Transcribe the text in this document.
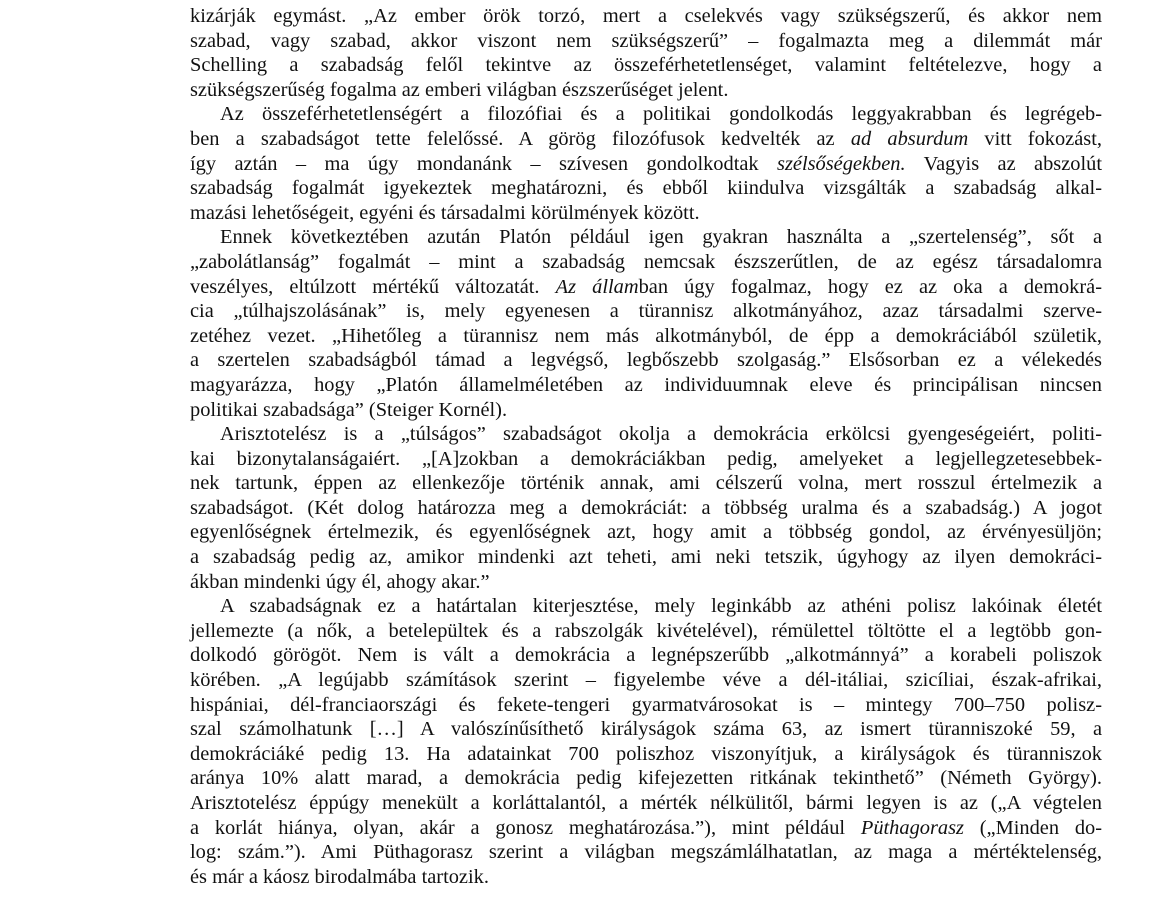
kizárják egymást. „Az ember örök torzó, mert a cselekvés vagy szükségszerű, és akkor nem
szabad, vagy szabad, akkor viszont nem szükségszerű” – fogalmazta meg a dilemmát már
Schelling a szabadság felől tekintve az összeférhetetlenséget, valamint feltételezve, hogy a
szükségszerűség fogalma az emberi világban észszerűséget jelent.
Az összeférhetetlenségért a filozófiai és a politikai gondolkodás leggyakrabban és legrégeb-
ben a szabadságot tette felelőssé. A görög filozófusok kedvelték az ad absurdum vitt fokozást,
így aztán – ma úgy mondanánk – szívesen gondolkodtak szélsőségekben. Vagyis az abszolút
szabadság fogalmát igyekeztek meghatározni, és ebből kiindulva vizsgálták a szabadság alkal-
mazási lehetőségeit, egyéni és társadalmi körülmények között.
Ennek következtében azután Platón például igen gyakran használta a „szertelenség”, sőt a
„zabolátlanság” fogalmát – mint a szabadság nemcsak észszerűtlen, de az egész társadalomra
veszélyes, eltúlzott mértékű változatát. Az államban úgy fogalmaz, hogy ez az oka a demokrá-
cia „túlhajszolásának” is, mely egyenesen a türannisz alkotmányához, azaz társadalmi szerve-
zetéhez vezet. „Hihetőleg a türannisz nem más alkotmányból, de épp a demokráciából születik,
a szertelen szabadságból támad a legvégső, legbőszebb szolgaság.” Elsősorban ez a vélekedés
magyarázza, hogy „Platón államelméletében az individuumnak eleve és principálisan nincsen
politikai szabadsága” (Steiger Kornél).
Arisztotelész is a „túlságos” szabadságot okolja a demokrácia erkölcsi gyengeségeiért, politi-
kai bizonytalanságaiért. „[A]zokban a demokráciákban pedig, amelyeket a legjellegzetesebbek-
nek tartunk, éppen az ellenkezője történik annak, ami célszerű volna, mert rosszul értelmezik a
szabadságot. (Két dolog határozza meg a demokráciát: a többség uralma és a szabadság.) A jogot
egyenlőségnek értelmezik, és egyenlőségnek azt, hogy amit a többség gondol, az érvényesüljön;
a szabadság pedig az, amikor mindenki azt teheti, ami neki tetszik, úgyhogy az ilyen demokráci-
ákban mindenki úgy él, ahogy akar.”
A szabadságnak ez a határtalan kiterjesztése, mely leginkább az athéni polisz lakóinak életét
jellemezte (a nők, a betelepültek és a rabszolgák kivételével), rémülettel töltötte el a legtöbb gon-
dolkodó görögöt. Nem is vált a demokrácia a legnépszerűbb „alkotmánnyá” a korabeli poliszok
körében. „A legújabb számítások szerint – figyelembe véve a dél-itáliai, szicíliai, észak-afrikai,
hispániai, dél-franciaországi és fekete-tengeri gyarmatvárosokat is – mintegy 700–750 polisz-
szal számolhatunk […] A valószínűsíthető királyságok száma 63, az ismert türanniszoké 59, a
demokráciáké pedig 13. Ha adatainkat 700 poliszhoz viszonyítjuk, a királyságok és türanniszok
aránya 10% alatt marad, a demokrácia pedig kifejezetten ritkának tekinthető” (Németh György).
Arisztotelész éppúgy menekült a korláttalantól, a mérték nélkülitől, bármi legyen is az („A végtelen
a korlát hiánya, olyan, akár a gonosz meghatározása.”), mint például Püthagorasz („Minden do-
log: szám.”). Ami Püthagorasz szerint a világban megszámlálhatatlan, az maga a mértéktelenség,
és már a káosz birodalmába tartozik.
